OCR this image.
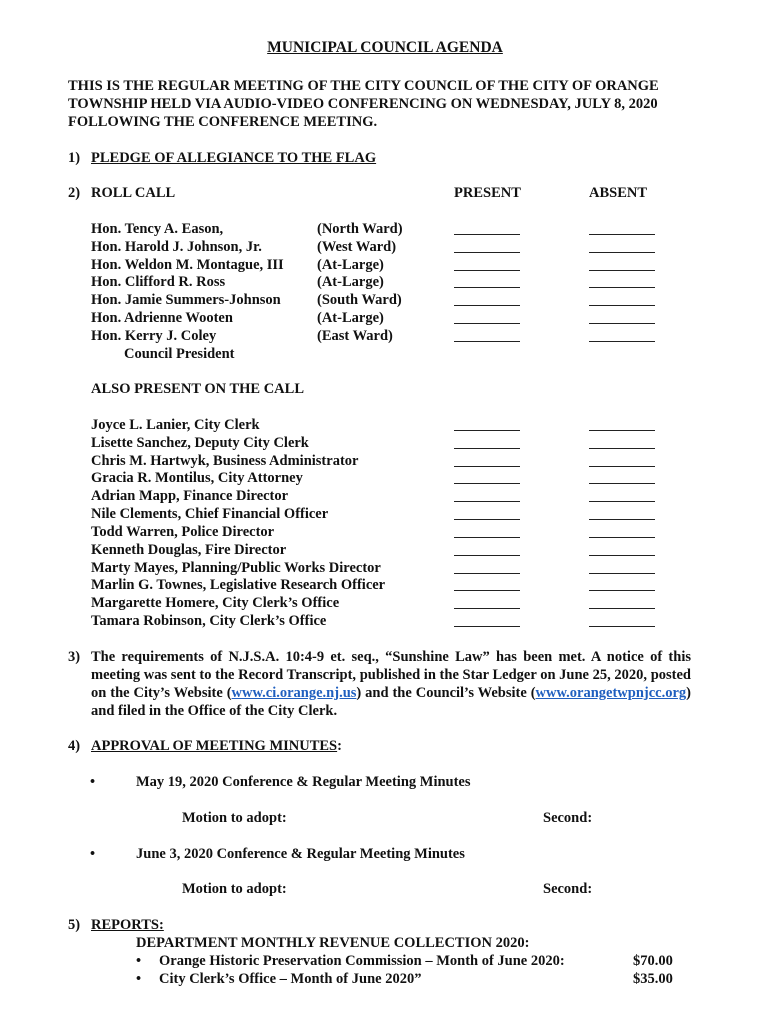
MUNICIPAL COUNCIL AGENDA
THIS IS THE REGULAR MEETING OF THE CITY COUNCIL OF THE CITY OF ORANGE TOWNSHIP HELD VIA AUDIO-VIDEO CONFERENCING ON WEDNESDAY, JULY 8, 2020 FOLLOWING THE CONFERENCE MEETING.
1) PLEDGE OF ALLEGIANCE TO THE FLAG
2) ROLL CALL	PRESENT	ABSENT
Hon. Tency A. Eason,	(North Ward)
Hon. Harold J. Johnson, Jr.	(West Ward)
Hon. Weldon M. Montague, III (At-Large)
Hon. Clifford R. Ross	(At-Large)
Hon. Jamie Summers-Johnson	(South Ward)
Hon. Adrienne Wooten	(At-Large)
Hon. Kerry J. Coley	(East Ward)
Council President
ALSO PRESENT ON THE CALL
Joyce L. Lanier, City Clerk
Lisette Sanchez, Deputy City Clerk
Chris M. Hartwyk, Business Administrator
Gracia R. Montilus, City Attorney
Adrian Mapp, Finance Director
Nile Clements, Chief Financial Officer
Todd Warren, Police Director
Kenneth Douglas, Fire Director
Marty Mayes, Planning/Public Works Director
Marlin G. Townes, Legislative Research Officer
Margarette Homere, City Clerk’s Office
Tamara Robinson, City Clerk’s Office
3) The requirements of N.J.S.A. 10:4-9 et. seq., “Sunshine Law” has been met. A notice of this meeting was sent to the Record Transcript, published in the Star Ledger on June 25, 2020, posted on the City’s Website (www.ci.orange.nj.us) and the Council’s Website (www.orangetwpnjcc.org) and filed in the Office of the City Clerk.
4) APPROVAL OF MEETING MINUTES:
•	May 19, 2020 Conference & Regular Meeting Minutes
Motion to adopt:	Second:
•	June 3, 2020 Conference & Regular Meeting Minutes
Motion to adopt:	Second:
5) REPORTS:
DEPARTMENT MONTHLY REVENUE COLLECTION 2020:
• Orange Historic Preservation Commission – Month of June 2020:	$70.00
• City Clerk’s Office – Month of June 2020”	$35.00
